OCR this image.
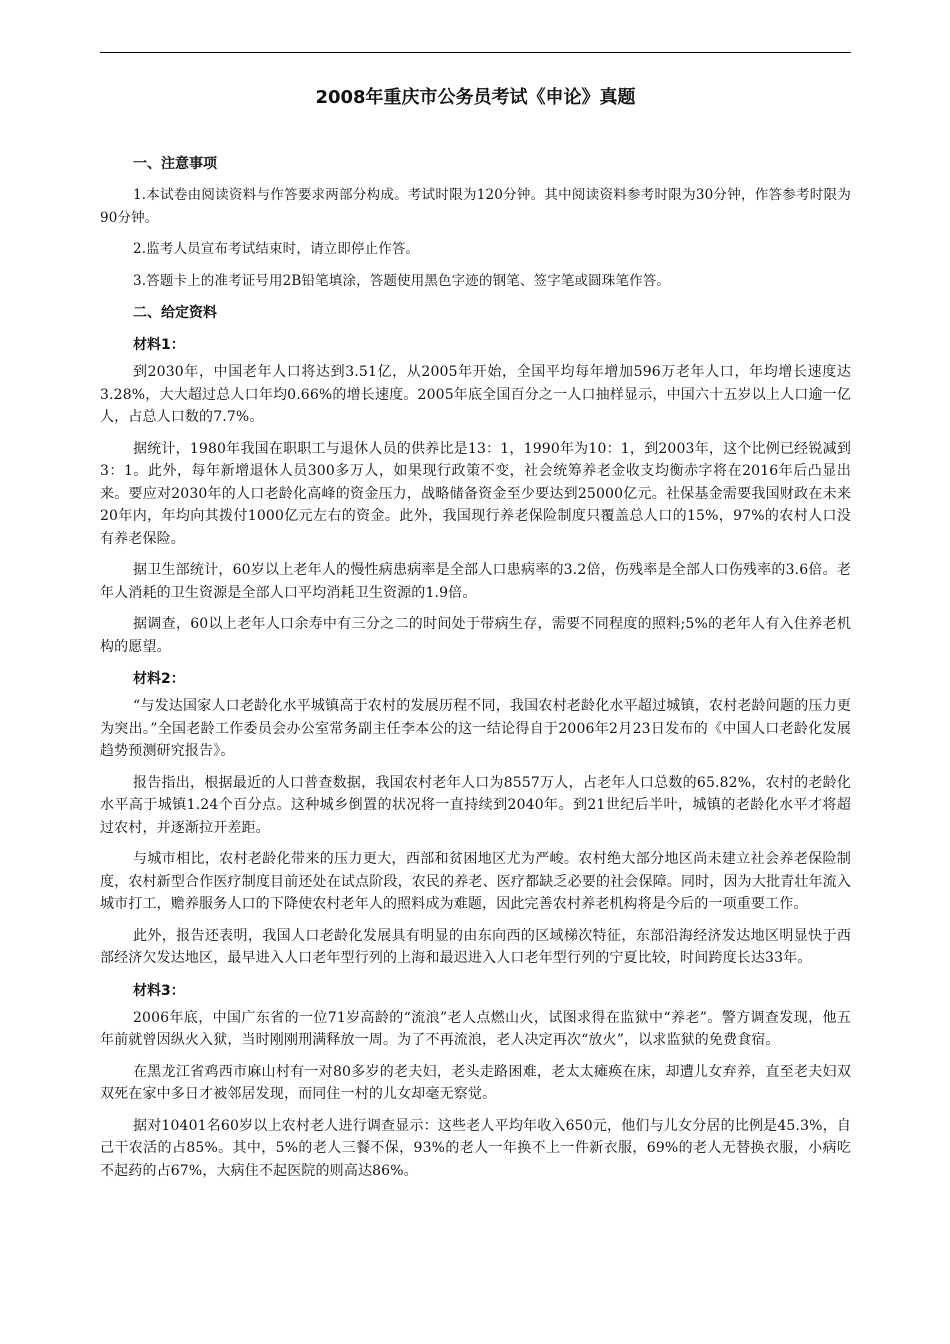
2008年重庆市公务员考试《申论》真题
一、注意事项

1.本试卷由阅读资料与作答要求两部分构成。考试时限为120分钟。其中阅读资料参考时限为30分钟，作答参考时限为90分钟。

2.监考人员宣布考试结束时，请立即停止作答。

3.答题卡上的准考证号用2B铅笔填涂，答题使用黑色字迹的钢笔、签字笔或圆珠笔作答。

二、给定资料
材料1：

到2030年，中国老年人口将达到3.51亿，从2005年开始，全国平均每年增加596万老年人口，年均增长速度达3.28%，大大超过总人口年均0.66%的增长速度。2005年底全国百分之一人口抽样显示，中国六十五岁以上人口逾一亿人，占总人口数的7.7%。

据统计，1980年我国在职职工与退休人员的供养比是13：1，1990年为10：1，到2003年，这个比例已经锐减到3：1。此外，每年新增退休人员300多万人，如果现行政策不变，社会统筹养老金收支均衡赤字将在2016年后凸显出来。要应对2030年的人口老龄化高峰的资金压力，战略储备资金至少要达到25000亿元。社保基金需要我国财政在未来20年内，年均向其拨付1000亿元左右的资金。此外，我国现行养老保险制度只覆盖总人口的15%，97%的农村人口没有养老保险。

据卫生部统计，60岁以上老年人的慢性病患病率是全部人口患病率的3.2倍，伤残率是全部人口伤残率的3.6倍。老年人消耗的卫生资源是全部人口平均消耗卫生资源的1.9倍。

据调查，60以上老年人口余寿中有三分之二的时间处于带病生存，需要不同程度的照料;5%的老年人有入住养老机构的愿望。

材料2：

“与发达国家人口老龄化水平城镇高于农村的发展历程不同，我国农村老龄化水平超过城镇，农村老龄问题的压力更为突出。”全国老龄工作委员会办公室常务副主任李本公的这一结论得自于2006年2月23日发布的《中国人口老龄化发展趋势预测研究报告》。

报告指出，根据最近的人口普查数据，我国农村老年人口为8557万人，占老年人口总数的65.82%，农村的老龄化水平高于城镇1.24个百分点。这种城乡倒置的状况将一直持续到2040年。到21世纪后半叶，城镇的老龄化水平才将超过农村，并逐渐拉开差距。

与城市相比，农村老龄化带来的压力更大，西部和贫困地区尤为严峻。农村绝大部分地区尚未建立社会养老保险制度，农村新型合作医疗制度目前还处在试点阶段，农民的养老、医疗都缺乏必要的社会保障。同时，因为大批青壮年流入城市打工，赡养服务人口的下降使农村老年人的照料成为难题，因此完善农村养老机构将是今后的一项重要工作。

此外，报告还表明，我国人口老龄化发展具有明显的由东向西的区域梯次特征，东部沿海经济发达地区明显快于西部经济欠发达地区，最早进入人口老年型行列的上海和最迟进入人口老年型行列的宁夏比较，时间跨度长达33年。

材料3：

2006年底，中国广东省的一位71岁高龄的“流浪”老人点燃山火，试图求得在监狱中“养老”。警方调查发现，他五年前就曾因纵火入狱，当时刚刚刑满释放一周。为了不再流浪，老人决定再次“放火”，以求监狱的免费食宿。

在黑龙江省鸡西市麻山村有一对80多岁的老夫妇，老头走路困难，老太太瘫痪在床，却遭儿女弃养，直至老夫妇双双死在家中多日才被邻居发现，而同住一村的儿女却毫无察觉。

据对10401名60岁以上农村老人进行调查显示：这些老人平均年收入650元，他们与儿女分居的比例是45.3%，自己干农活的占85%。其中，5%的老人三餐不保，93%的老人一年换不上一件新衣服，69%的老人无替换衣服，小病吃不起药的占67%，大病住不起医院的则高达86%。
